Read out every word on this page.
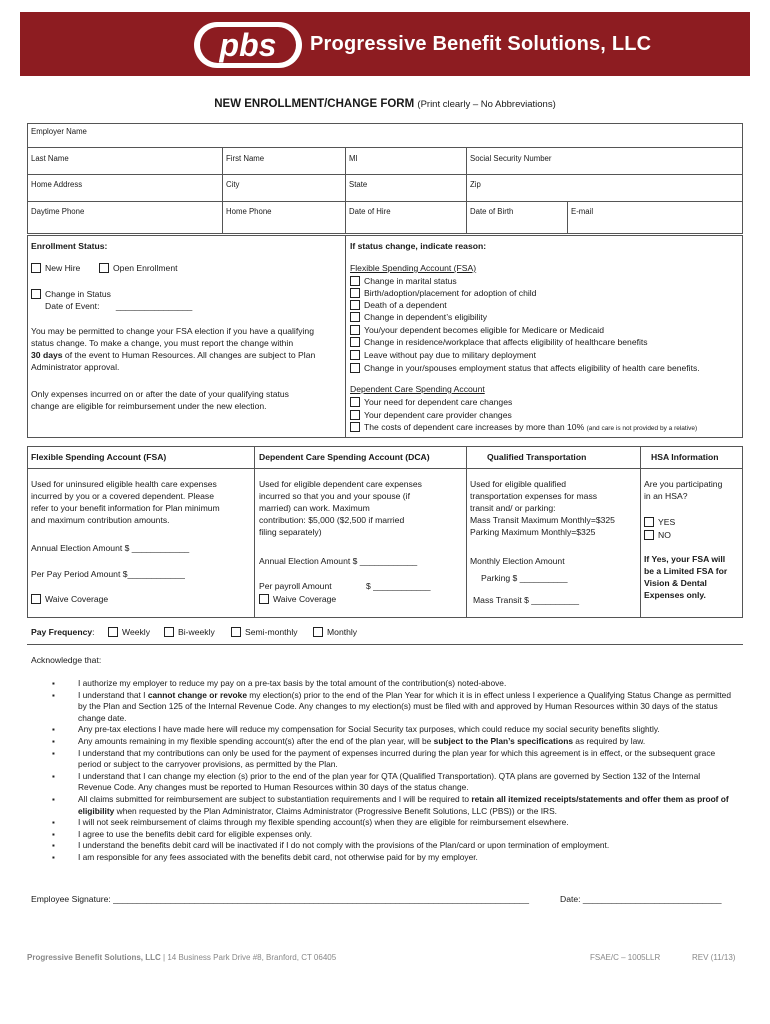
pbs Progressive Benefit Solutions, LLC
NEW ENROLLMENT/CHANGE FORM (Print clearly – No Abbreviations)
Employer Name
Last Name	First Name	MI	Social Security Number
Home Address	City	State	Zip
Daytime Phone	Home Phone	Date of Hire	Date of Birth	E-mail
Enrollment Status:
New Hire	Open Enrollment
Change in Status
Date of Event: ________________
You may be permitted to change your FSA election if you have a qualifying
status change. To make a change, you must report the change within
30 days of the event to Human Resources. All changes are subject to Plan
Administrator approval.
Only expenses incurred on or after the date of your qualifying status
change are eligible for reimbursement under the new election.
If status change, indicate reason:
Flexible Spending Account (FSA)
Change in marital status
Birth/adoption/placement for adoption of child
Death of a dependent
Change in dependent’s eligibility
You/your dependent becomes eligible for Medicare or Medicaid
Change in residence/workplace that affects eligibility of healthcare benefits
Leave without pay due to military deployment
Change in your/spouses employment status that affects eligibility of health care benefits.
Dependent Care Spending Account
Your need for dependent care changes
Your dependent care provider changes
The costs of dependent care increases by more than 10% (and care is not provided by a relative)
Flexible Spending Account (FSA)	Dependent Care Spending Account (DCA)	Qualified Transportation	HSA Information
Used for uninsured eligible health care expenses
incurred by you or a covered dependent. Please
refer to your benefit information for Plan minimum
and maximum contribution amounts.
Annual Election Amount $ ____________
Per Pay Period Amount $____________
Waive Coverage
Used for eligible dependent care expenses
incurred so that you and your spouse (if
married) can work. Maximum
contribution: $5,000 ($2,500 if married
filing separately)
Annual Election Amount $ ____________
Per payroll Amount	$ ____________
Waive Coverage
Used for eligible qualified
transportation expenses for mass
transit and/ or parking:
Mass Transit Maximum Monthly=$325
Parking Maximum Monthly=$325
Monthly Election Amount
Parking $ __________
Mass Transit $ __________
Are you participating
in an HSA?
YES
NO
If Yes, your FSA will
be a Limited FSA for
Vision & Dental
Expenses only.
Pay Frequency:	Weekly	Bi-weekly	Semi-monthly	Monthly
Acknowledge that:
▪	I authorize my employer to reduce my pay on a pre-tax basis by the total amount of the contribution(s) noted-above.
▪	I understand that I cannot change or revoke my election(s) prior to the end of the Plan Year for which it is in effect unless I experience a Qualifying Status Change as permitted by the Plan and Section 125 of the Internal Revenue Code. Any changes to my election(s) must be filed with and approved by Human Resources within 30 days of the status change date.
▪	Any pre-tax elections I have made here will reduce my compensation for Social Security tax purposes, which could reduce my social security benefits slightly.
▪	Any amounts remaining in my flexible spending account(s) after the end of the plan year, will be subject to the Plan’s specifications as required by law.
▪	I understand that my contributions can only be used for the payment of expenses incurred during the plan year for which this agreement is in effect, or the subsequent grace period or subject to the carryover provisions, as permitted by the Plan.
▪	I understand that I can change my election (s) prior to the end of the plan year for QTA (Qualified Transportation). QTA plans are governed by Section 132 of the Internal Revenue Code. Any changes must be reported to Human Resources within 30 days of the status change.
▪	All claims submitted for reimbursement are subject to substantiation requirements and I will be required to retain all itemized receipts/statements and offer them as proof of eligibility when requested by the Plan Administrator, Claims Administrator (Progressive Benefit Solutions, LLC (PBS)) or the IRS.
▪	I will not seek reimbursement of claims through my flexible spending account(s) when they are eligible for reimbursement elsewhere.
▪	I agree to use the benefits debit card for eligible expenses only.
▪	I understand the benefits debit card will be inactivated if I do not comply with the provisions of the Plan/card or upon termination of employment.
▪	I am responsible for any fees associated with the benefits debit card, not otherwise paid for by my employer.
Employee Signature: _______________________________________________________________________________________	Date: _____________________________
Progressive Benefit Solutions, LLC | 14 Business Park Drive #8, Branford, CT 06405	FSAE/C – 1005LLR	REV (11/13)
